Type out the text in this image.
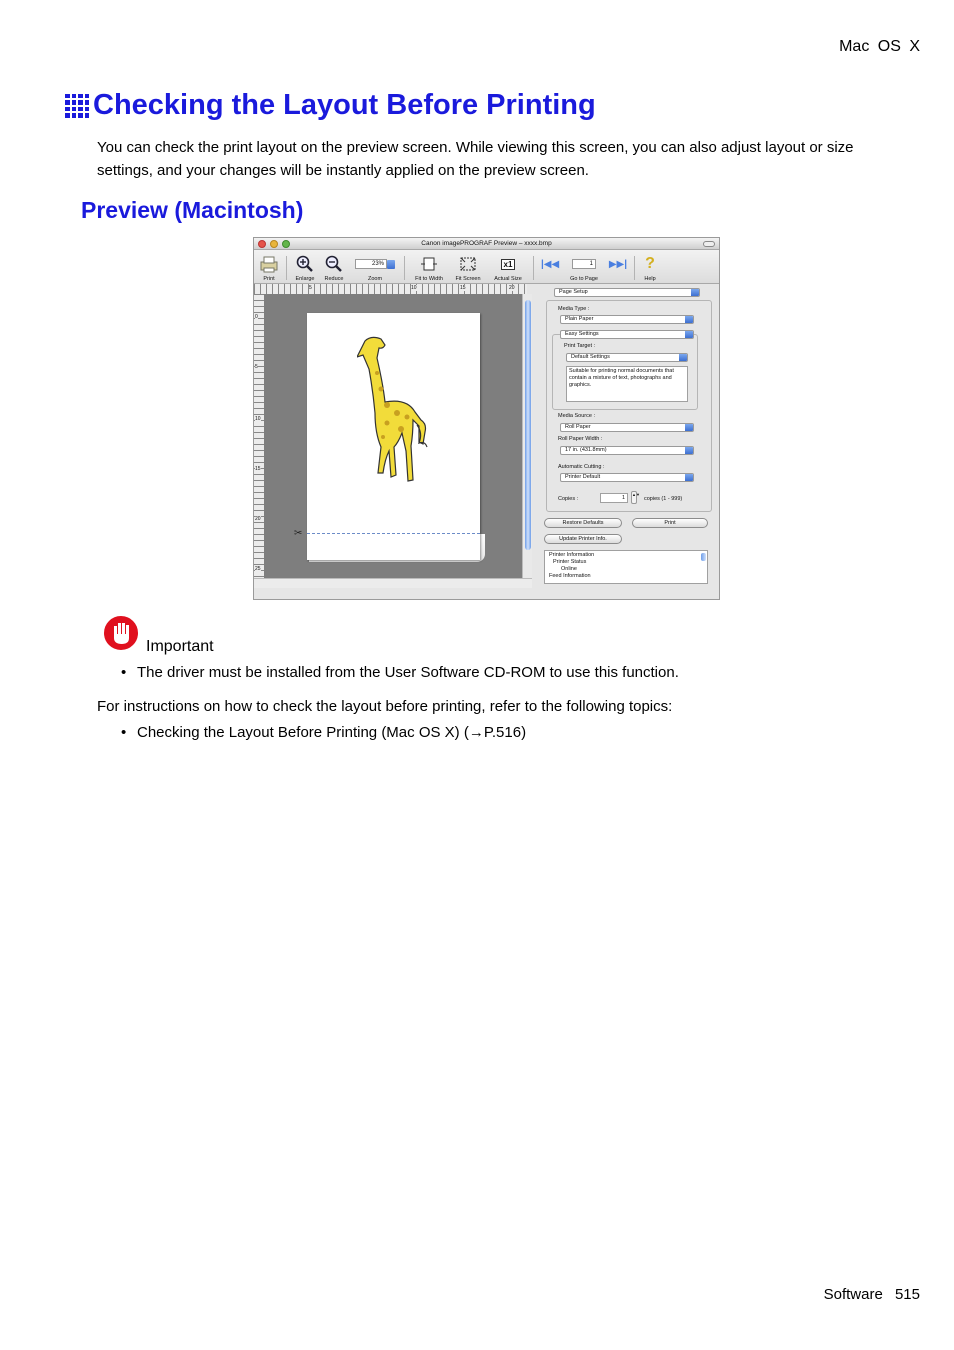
Mac OS X
Checking the Layout Before Printing
You can check the print layout on the preview screen. While viewing this screen, you can also adjust layout or size settings, and your changes will be instantly applied on the preview screen.
Preview (Macintosh)
Canon imagePROGRAF Preview – xxxx.bmp
Print	Enlarge	Reduce
23%
Zoom	Fit to Width	Fit Screen
x1
Actual Size
|◀◀	1	▶▶|
Go to Page
?
Help
5	10	15	20
0
5
10
15
20
25
✂
Page Setup
Media Type :
Plain Paper
Easy Settings
Print Target :
Default Settings
Suitable for printing normal documents that contain a mixture of text, photographs and graphics.
Media Source :
Roll Paper
Roll Paper Width :
17 in. (431.8mm)
Automatic Cutting :
Printer Default
Copies :	1
▲▼
copies (1 - 999)
Restore Defaults	Print
Update Printer Info.
Printer Information
Printer Status
Online
Feed Information
Important
• The driver must be installed from the User Software CD-ROM to use this function.
For instructions on how to check the layout before printing, refer to the following topics:
• Checking the Layout Before Printing (Mac OS X) (→P.516)
Software 515
